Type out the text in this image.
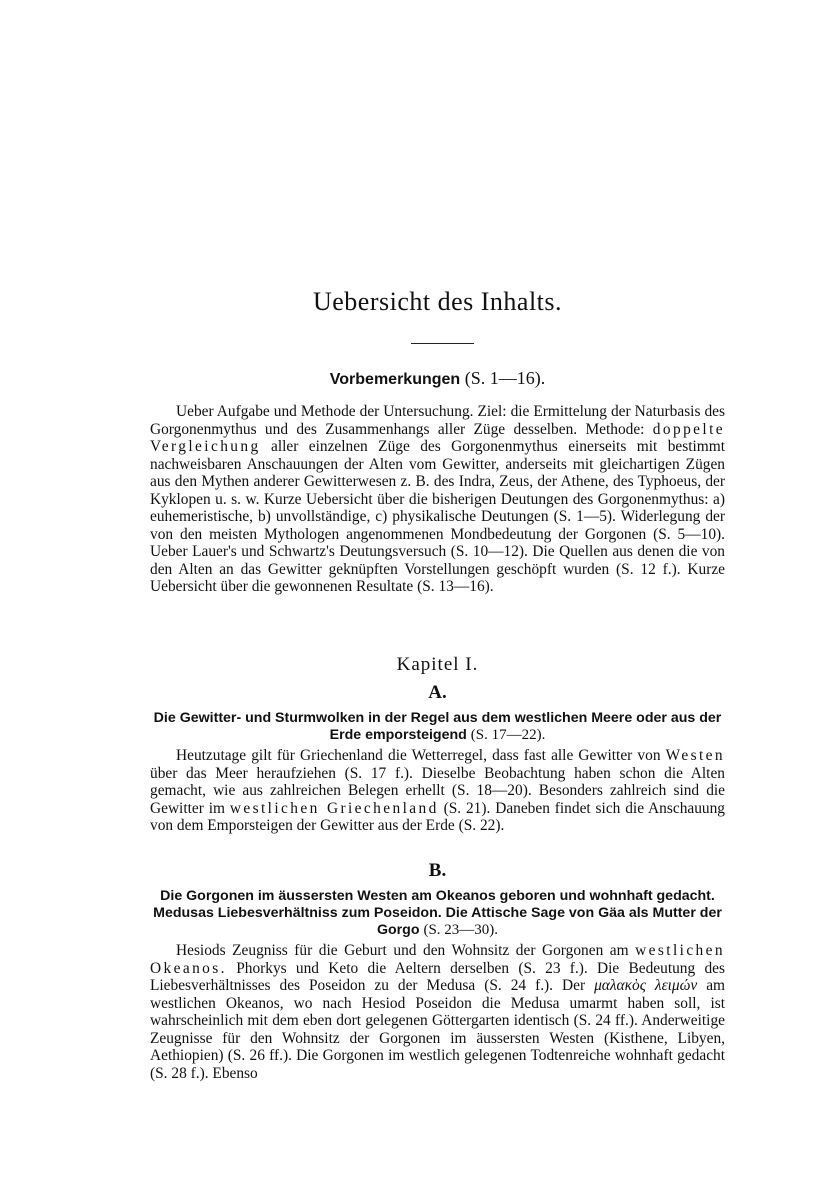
Uebersicht des Inhalts.
Vorbemerkungen (S. 1—16).

Ueber Aufgabe und Methode der Untersuchung. Ziel: die Ermittelung der Naturbasis des Gorgonenmythus und des Zusammenhangs aller Züge desselben. Methode: doppelte Vergleichung aller einzelnen Züge des Gorgonenmythus einerseits mit bestimmt nachweisbaren Anschauungen der Alten vom Gewitter, anderseits mit gleichartigen Zügen aus den Mythen anderer Gewitterwesen z. B. des Indra, Zeus, der Athene, des Typhoeus, der Kyklopen u. s. w. Kurze Uebersicht über die bisherigen Deutungen des Gorgonenmythus: a) euhemeristische, b) unvollständige, c) physikalische Deutungen (S. 1—5). Widerlegung der von den meisten Mythologen angenommenen Mondbedeutung der Gorgonen (S. 5—10). Ueber Lauer's und Schwartz's Deutungsversuch (S. 10—12). Die Quellen aus denen die von den Alten an das Gewitter geknüpften Vorstellungen geschöpft wurden (S. 12 f.). Kurze Uebersicht über die gewonnenen Resultate (S. 13—16).

Kapitel I.
A.

Die Gewitter- und Sturmwolken in der Regel aus dem westlichen Meere oder aus der Erde emporsteigend (S. 17—22).

Heutzutage gilt für Griechenland die Wetterregel, dass fast alle Gewitter von Westen über das Meer heraufziehen (S. 17 f.). Dieselbe Beobachtung haben schon die Alten gemacht, wie aus zahlreichen Belegen erhellt (S. 18—20). Besonders zahlreich sind die Gewitter im westlichen Griechenland (S. 21). Daneben findet sich die Anschauung von dem Emporsteigen der Gewitter aus der Erde (S. 22).

B.

Die Gorgonen im äussersten Westen am Okeanos geboren und wohnhaft gedacht. Medusas Liebesverhältniss zum Poseidon. Die Attische Sage von Gäa als Mutter der Gorgo (S. 23—30).

Hesiods Zeugniss für die Geburt und den Wohnsitz der Gorgonen am westlichen Okeanos. Phorkys und Keto die Aeltern derselben (S. 23 f.). Die Bedeutung des Liebesverhältnisses des Poseidon zu der Medusa (S. 24 f.). Der μαλακὸς λειμών am westlichen Okeanos, wo nach Hesiod Poseidon die Medusa umarmt haben soll, ist wahrscheinlich mit dem eben dort gelegenen Göttergarten identisch (S. 24 ff.). Anderweitige Zeugnisse für den Wohnsitz der Gorgonen im äussersten Westen (Kisthene, Libyen, Aethiopien) (S. 26 ff.). Die Gorgonen im westlich gelegenen Todtenreiche wohnhaft gedacht (S. 28 f.). Ebenso
